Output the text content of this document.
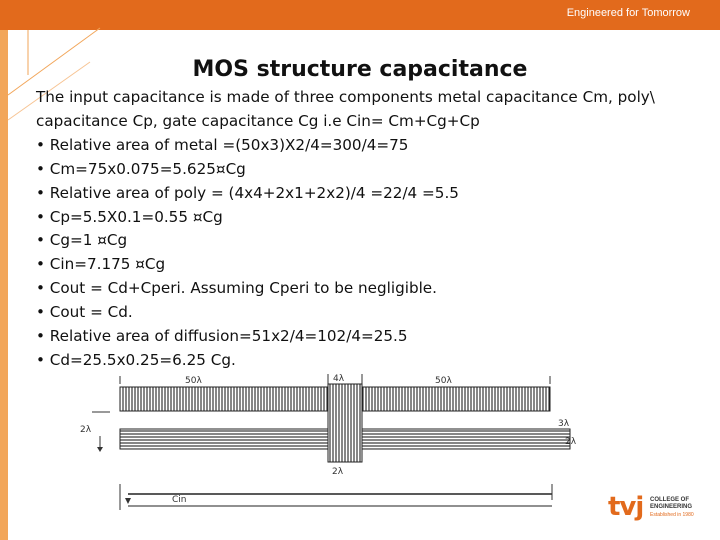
Engineered for Tomorrow
MOS structure capacitance
The input capacitance is made of three components metal capacitance Cm, poly\
capacitance Cp, gate capacitance Cg i.e Cin= Cm+Cg+Cp
• Relative area of metal =(50x3)X2/4=300/4=75
• Cm=75x0.075=5.625¤Cg
• Relative area of poly = (4x4+2x1+2x2)/4 =22/4 =5.5
• Cp=5.5X0.1=0.55 ¤Cg
• Cg=1 ¤Cg
• Cin=7.175 ¤Cg
• Cout = Cd+Cperi. Assuming Cperi to be negligible.
• Cout = Cd.
• Relative area of diffusion=51x2/4=102/4=25.5
• Cd=25.5x0.25=6.25 Cg.
50λ	4λ	50λ
2λ
3λ
2λ
2λ
Cin	tvj COLLEGE OF
ENGINEERING
Established in 1980
